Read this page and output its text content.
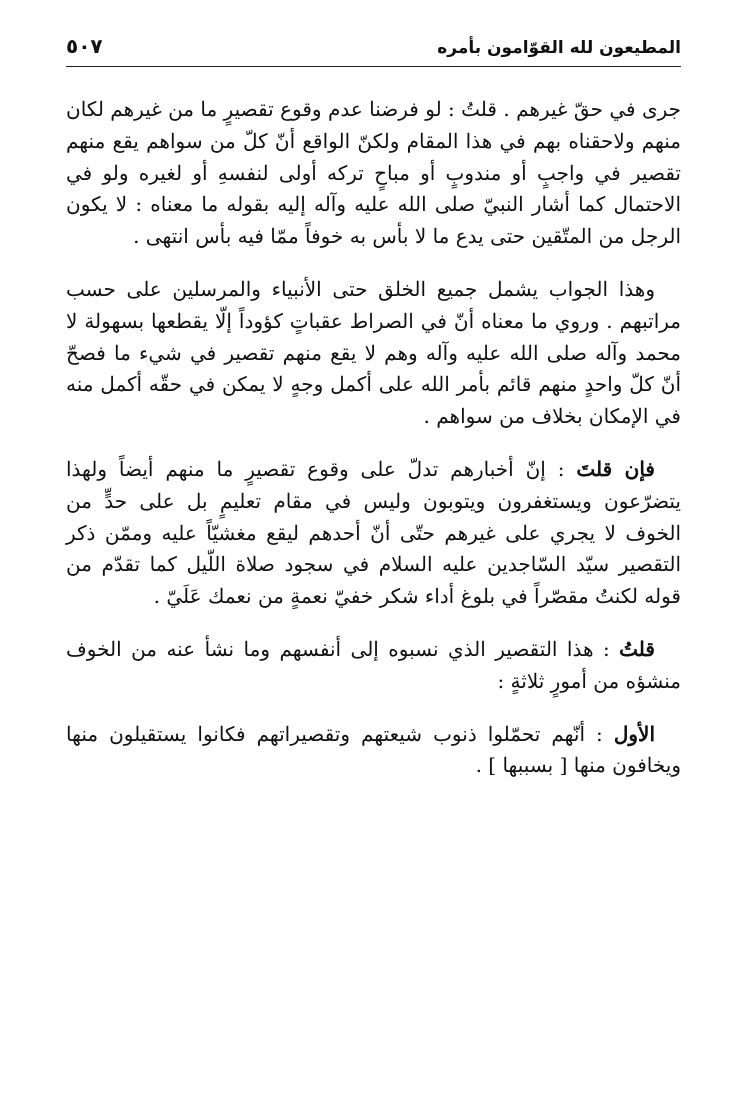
المطيعون لله القوّامون بأمره
٥٠٧

جرى في حقّ غيرهم . قلتُ : لو فرضنا عدم وقوع تقصيرٍ ما من غيرهم لكان منهم ولاحقناه بهم في هذا المقام ولكنّ الواقع أنّ كلّ من سواهم يقع منهم تقصير في واجبٍ أو مندوبٍ أو مباحٍ تركه أولى لنفسهِ أو لغيره ولو في الاحتمال كما أشار النبيّ صلى الله عليه وآله إليه بقوله ما معناه : لا يكون الرجل من المتّقين حتى يدع ما لا بأس به خوفاً ممّا فيه بأس انتهى .

وهذا الجواب يشمل جميع الخلق حتى الأنبياء والمرسلين على حسب مراتبهم . وروي ما معناه أنّ في الصراط عقباتٍ كؤوداً إلّا يقطعها بسهولة لا محمد وآله صلى الله عليه وآله وهم لا يقع منهم تقصير في شيء ما فصحّ أنّ كلّ واحدٍ منهم قائم بأمر الله على أكمل وجهٍ لا يمكن في حقّه أكمل منه في الإمكان بخلاف من سواهم .

فإن قلتَ : إنّ أخبارهم تدلّ على وقوع تقصيرٍ ما منهم أيضاً ولهذا يتضرّعون ويستغفرون ويتوبون وليس في مقام تعليمٍ بل على حدٍّ من الخوف لا يجري على غيرهم حتّى أنّ أحدهم ليقع مغشيّاً عليه وممّن ذكر التقصير سيّد السّاجدين عليه السلام في سجود صلاة اللّيل كما تقدّم من قوله لكنتُ مقصّراً في بلوغ أداء شكر خفيّ نعمةٍ من نعمك عَلَيّ .

قلتُ : هذا التقصير الذي نسبوه إلى أنفسهم وما نشأ عنه من الخوف منشؤه من أمورٍ ثلاثةٍ :

الأول : أنّهم تحمّلوا ذنوب شيعتهم وتقصيراتهم فكانوا يستقيلون منها ويخافون منها [ بسببها ] .
